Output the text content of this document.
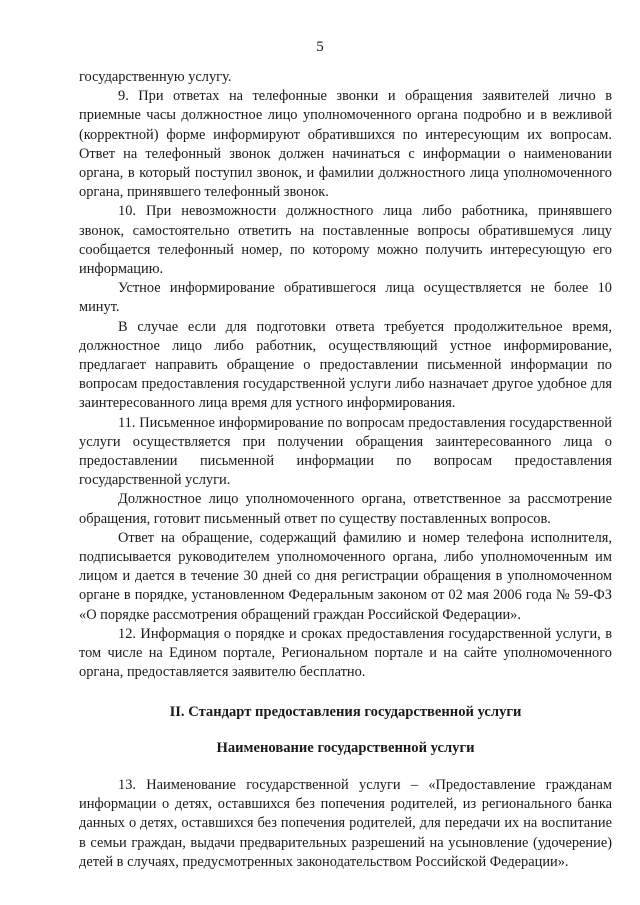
5

государственную услугу.

9. При ответах на телефонные звонки и обращения заявителей лично в приемные часы должностное лицо уполномоченного органа подробно и в вежливой (корректной) форме информируют обратившихся по интересующим их вопросам. Ответ на телефонный звонок должен начинаться с информации о наименовании органа, в который поступил звонок, и фамилии должностного лица уполномоченного органа, принявшего телефонный звонок.

10. При невозможности должностного лица либо работника, принявшего звонок, самостоятельно ответить на поставленные вопросы обратившемуся лицу сообщается телефонный номер, по которому можно получить интересующую его информацию.

Устное информирование обратившегося лица осуществляется не более 10 минут.

В случае если для подготовки ответа требуется продолжительное время, должностное лицо либо работник, осуществляющий устное информирование, предлагает направить обращение о предоставлении письменной информации по вопросам предоставления государственной услуги либо назначает другое удобное для заинтересованного лица время для устного информирования.

11. Письменное информирование по вопросам предоставления государственной услуги осуществляется при получении обращения заинтересованного лица о предоставлении письменной информации по вопросам предоставления государственной услуги.

Должностное лицо уполномоченного органа, ответственное за рассмотрение обращения, готовит письменный ответ по существу поставленных вопросов.

Ответ на обращение, содержащий фамилию и номер телефона исполнителя, подписывается руководителем уполномоченного органа, либо уполномоченным им лицом и дается в течение 30 дней со дня регистрации обращения в уполномоченном органе в порядке, установленном Федеральным законом от 02 мая 2006 года № 59-ФЗ «О порядке рассмотрения обращений граждан Российской Федерации».

12. Информация о порядке и сроках предоставления государственной услуги, в том числе на Едином портале, Региональном портале и на сайте уполномоченного органа, предоставляется заявителю бесплатно.

II. Стандарт предоставления государственной услуги
Наименование государственной услуги

13. Наименование государственной услуги – «Предоставление гражданам информации о детях, оставшихся без попечения родителей, из регионального банка данных о детях, оставшихся без попечения родителей, для передачи их на воспитание в семьи граждан, выдачи предварительных разрешений на усыновление (удочерение) детей в случаях, предусмотренных законодательством Российской Федерации».
